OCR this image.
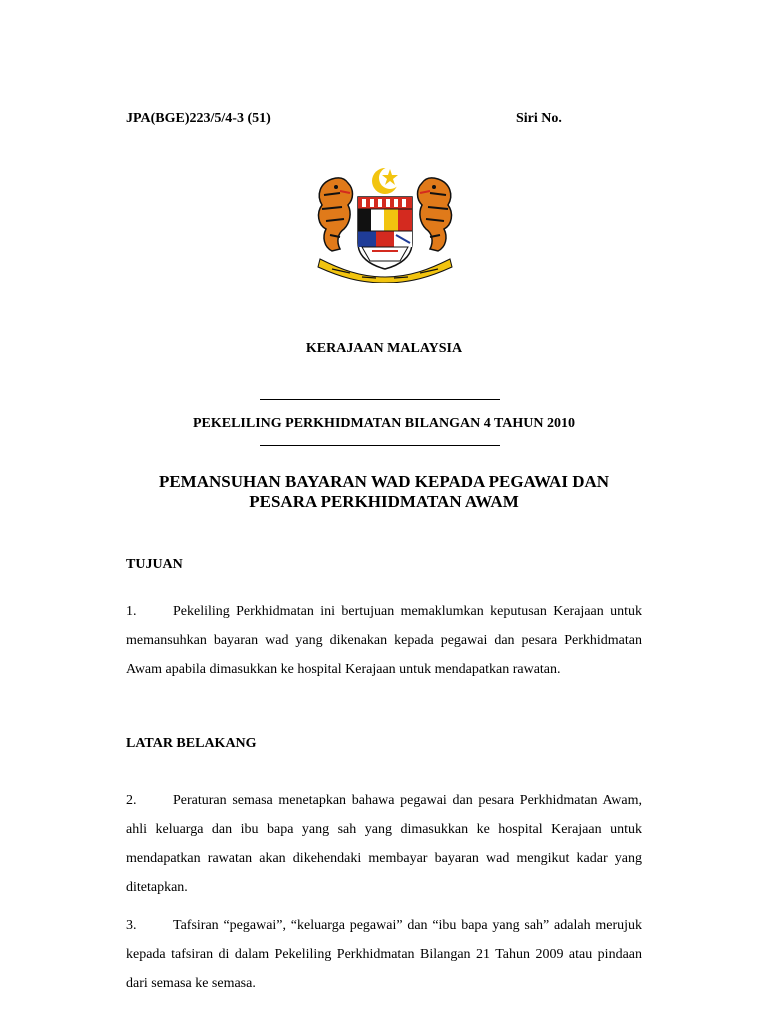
JPA(BGE)223/5/4-3 (51)	Siri No.
KERAJAAN MALAYSIA
PEKELILING PERKHIDMATAN BILANGAN 4 TAHUN 2010
PEMANSUHAN BAYARAN WAD KEPADA PEGAWAI DAN
PESARA PERKHIDMATAN AWAM
TUJUAN
1.	Pekeliling Perkhidmatan ini bertujuan memaklumkan keputusan Kerajaan untuk memansuhkan bayaran wad yang dikenakan kepada pegawai dan pesara Perkhidmatan Awam apabila dimasukkan ke hospital Kerajaan untuk mendapatkan rawatan.
LATAR BELAKANG
2.	Peraturan semasa menetapkan bahawa pegawai dan pesara Perkhidmatan Awam, ahli keluarga dan ibu bapa yang sah yang dimasukkan ke hospital Kerajaan untuk mendapatkan rawatan akan dikehendaki membayar bayaran wad mengikut kadar yang ditetapkan.
3.	Tafsiran “pegawai”, “keluarga pegawai” dan “ibu bapa yang sah” adalah merujuk kepada tafsiran di dalam Pekeliling Perkhidmatan Bilangan 21 Tahun 2009 atau pindaan dari semasa ke semasa.
